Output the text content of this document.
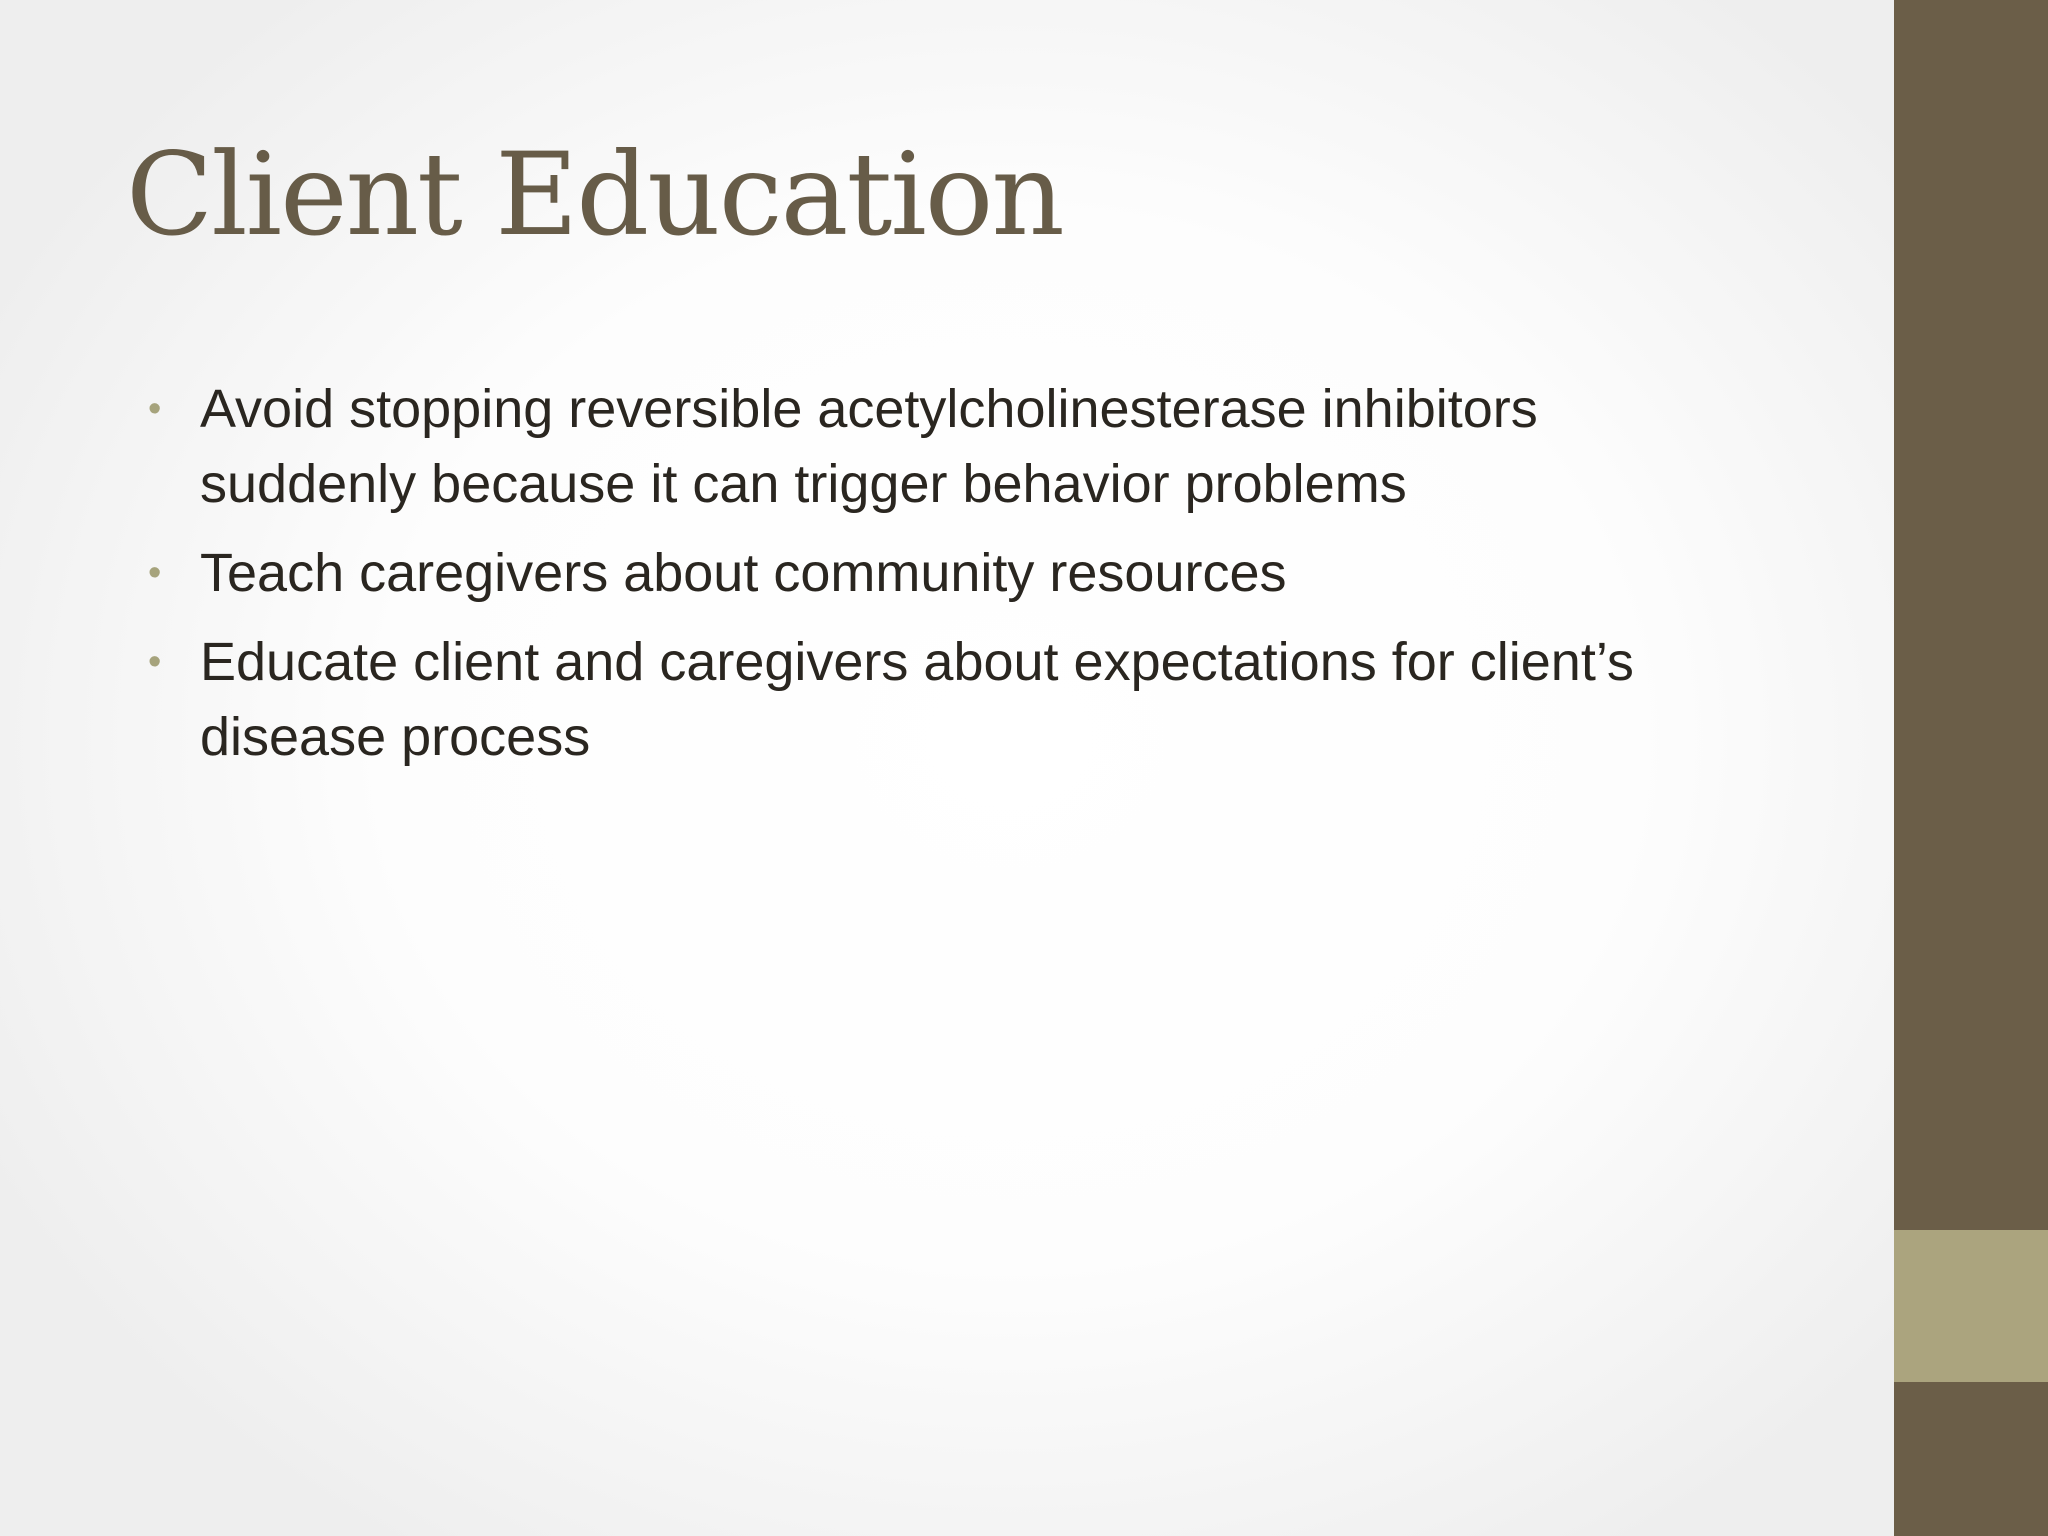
Client Education
• Avoid stopping reversible acetylcholinesterase inhibitors suddenly because it can trigger behavior problems
• Teach caregivers about community resources
• Educate client and caregivers about expectations for client’s disease process
